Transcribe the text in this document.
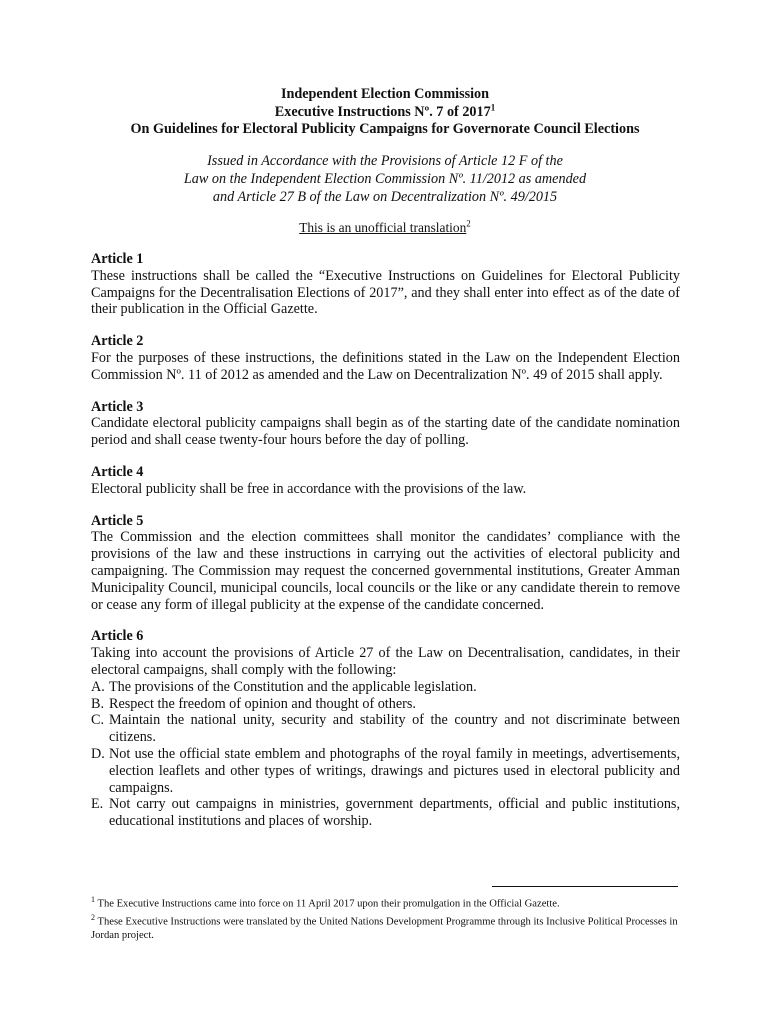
Independent Election Commission
Executive Instructions Nº. 7 of 2017$^1$
On Guidelines for Electoral Publicity Campaigns for Governorate Council Elections
Issued in Accordance with the Provisions of Article 12 F of the
Law on the Independent Election Commission Nº. 11/2012 as amended
and Article 27 B of the Law on Decentralization Nº. 49/2015
This is an unofficial translation$^2$
Article 1
These instructions shall be called the “Executive Instructions on Guidelines for Electoral Publicity Campaigns for the Decentralisation Elections of 2017”, and they shall enter into effect as of the date of their publication in the Official Gazette.
Article 2
For the purposes of these instructions, the definitions stated in the Law on the Independent Election Commission Nº. 11 of 2012 as amended and the Law on Decentralization Nº. 49 of 2015 shall apply.
Article 3
Candidate electoral publicity campaigns shall begin as of the starting date of the candidate nomination period and shall cease twenty-four hours before the day of polling.
Article 4
Electoral publicity shall be free in accordance with the provisions of the law.
Article 5
The Commission and the election committees shall monitor the candidates’ compliance with the provisions of the law and these instructions in carrying out the activities of electoral publicity and campaigning. The Commission may request the concerned governmental institutions, Greater Amman Municipality Council, municipal councils, local councils or the like or any candidate therein to remove or cease any form of illegal publicity at the expense of the candidate concerned.
Article 6
Taking into account the provisions of Article 27 of the Law on Decentralisation, candidates, in their electoral campaigns, shall comply with the following:
A. The provisions of the Constitution and the applicable legislation.
B. Respect the freedom of opinion and thought of others.
C. Maintain the national unity, security and stability of the country and not discriminate between citizens.
D. Not use the official state emblem and photographs of the royal family in meetings, advertisements, election leaflets and other types of writings, drawings and pictures used in electoral publicity and campaigns.
E. Not carry out campaigns in ministries, government departments, official and public institutions, educational institutions and places of worship.
$^1$ The Executive Instructions came into force on 11 April 2017 upon their promulgation in the Official Gazette.
$^2$ These Executive Instructions were translated by the United Nations Development Programme through its Inclusive Political Processes in Jordan project.
